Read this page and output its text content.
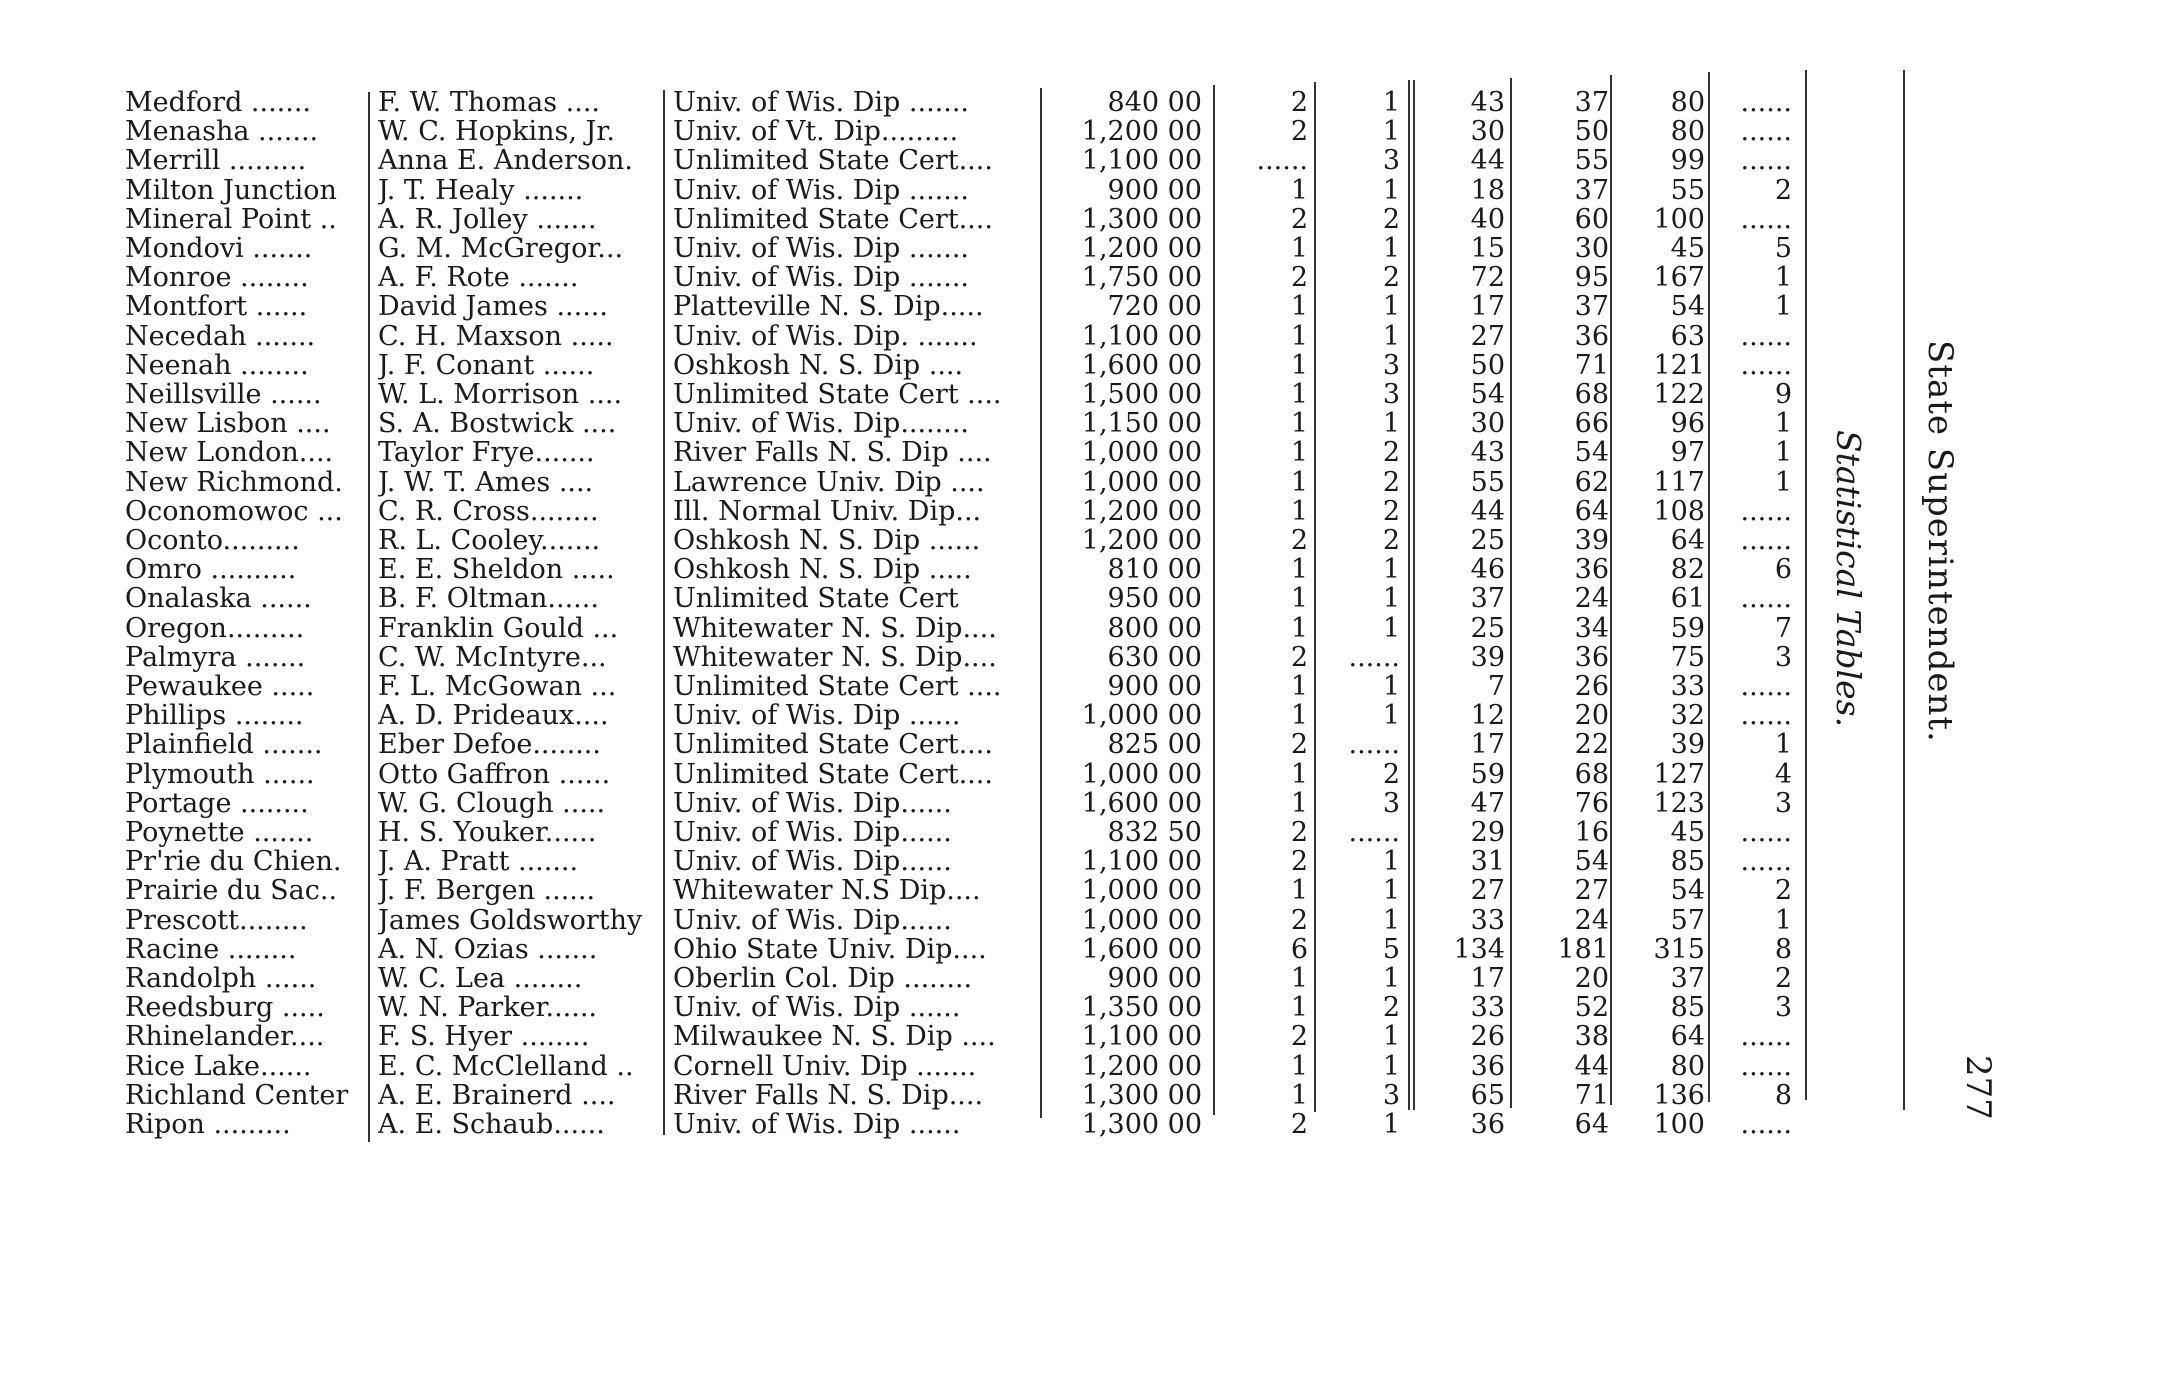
Medford .......	F. W. Thomas ....	Univ. of Wis. Dip .......	840 00	2	1	43	37	80	......
Menasha .......	W. C. Hopkins, Jr.	Univ. of Vt. Dip.........	1,200 00	2	1	30	50	80	......
Merrill .........	Anna E. Anderson.	Unlimited State Cert....	1,100 00	......	3	44	55	99	......
Milton Junction	J. T. Healy .......	Univ. of Wis. Dip .......	900 00	1	1	18	37	55	2
Mineral Point ..	A. R. Jolley .......	Unlimited State Cert....	1,300 00	2	2	40	60	100	......
Mondovi .......	G. M. McGregor...	Univ. of Wis. Dip .......	1,200 00	1	1	15	30	45	5
Monroe ........	A. F. Rote .......	Univ. of Wis. Dip .......	1,750 00	2	2	72	95	167	1
Montfort ......	David James ......	Platteville N. S. Dip.....	720 00	1	1	17	37	54	1
Necedah .......	C. H. Maxson .....	Univ. of Wis. Dip. .......	1,100 00	1	1	27	36	63	......
Neenah ........	J. F. Conant ......	Oshkosh N. S. Dip ....	1,600 00	1	3	50	71	121	......
Neillsville ......	W. L. Morrison ....	Unlimited State Cert ....	1,500 00	1	3	54	68	122	9
New Lisbon ....	S. A. Bostwick ....	Univ. of Wis. Dip........	1,150 00	1	1	30	66	96	1
New London....	Taylor Frye.......	River Falls N. S. Dip ....	1,000 00	1	2	43	54	97	1
New Richmond.	J. W. T. Ames ....	Lawrence Univ. Dip ....	1,000 00	1	2	55	62	117	1
Oconomowoc ...	C. R. Cross........	Ill. Normal Univ. Dip...	1,200 00	1	2	44	64	108	......
Oconto.........	R. L. Cooley.......	Oshkosh N. S. Dip ......	1,200 00	2	2	25	39	64	......
Omro ..........	E. E. Sheldon .....	Oshkosh N. S. Dip .....	810 00	1	1	46	36	82	6
Onalaska ......	B. F. Oltman......	Unlimited State Cert	950 00	1	1	37	24	61	......
Oregon.........	Franklin Gould ...	Whitewater N. S. Dip....	800 00	1	1	25	34	59	7
Palmyra .......	C. W. McIntyre...	Whitewater N. S. Dip....	630 00	2	......	39	36	75	3
Pewaukee .....	F. L. McGowan ...	Unlimited State Cert ....	900 00	1	1	7	26	33	......
Phillips ........	A. D. Prideaux....	Univ. of Wis. Dip ......	1,000 00	1	1	12	20	32	......
Plainfield .......	Eber Defoe........	Unlimited State Cert....	825 00	2	......	17	22	39	1
Plymouth ......	Otto Gaffron ......	Unlimited State Cert....	1,000 00	1	2	59	68	127	4
Portage ........	W. G. Clough .....	Univ. of Wis. Dip......	1,600 00	1	3	47	76	123	3
Poynette .......	H. S. Youker......	Univ. of Wis. Dip......	832 50	2	......	29	16	45	......
Pr'rie du Chien.	J. A. Pratt .......	Univ. of Wis. Dip......	1,100 00	2	1	31	54	85	......
Prairie du Sac..	J. F. Bergen ......	Whitewater N.S Dip....	1,000 00	1	1	27	27	54	2
Prescott........	James Goldsworthy	Univ. of Wis. Dip......	1,000 00	2	1	33	24	57	1
Racine ........	A. N. Ozias .......	Ohio State Univ. Dip....	1,600 00	6	5	134	181	315	8
Randolph ......	W. C. Lea ........	Oberlin Col. Dip ........	900 00	1	1	17	20	37	2
Reedsburg .....	W. N. Parker......	Univ. of Wis. Dip ......	1,350 00	1	2	33	52	85	3
Rhinelander....	F. S. Hyer ........	Milwaukee N. S. Dip ....	1,100 00	2	1	26	38	64	......
Rice Lake......	E. C. McClelland ..	Cornell Univ. Dip .......	1,200 00	1	1	36	44	80	......
Richland Center	A. E. Brainerd ....	River Falls N. S. Dip....	1,300 00	1	3	65	71	136	8
Ripon .........	A. E. Schaub......	Univ. of Wis. Dip ......	1,300 00	2	1	36	64	100	......
State Superintendent.
Statistical Tables.
277
